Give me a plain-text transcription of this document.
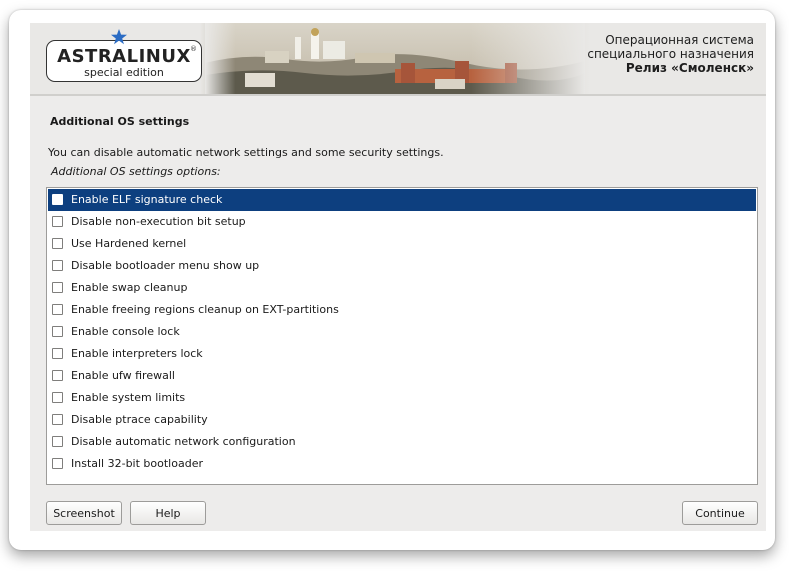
ASTRALINUX ®
special edition
Операционная система
специального назначения
Релиз «Смоленск»
Additional OS settings
You can disable automatic network settings and some security settings.
Additional OS settings options:
Enable ELF signature check
Disable non-execution bit setup
Use Hardened kernel
Disable bootloader menu show up
Enable swap cleanup
Enable freeing regions cleanup on EXT-partitions
Enable console lock
Enable interpreters lock
Enable ufw firewall
Enable system limits
Disable ptrace capability
Disable automatic network configuration
Install 32-bit bootloader
Screenshot	Help	Continue
